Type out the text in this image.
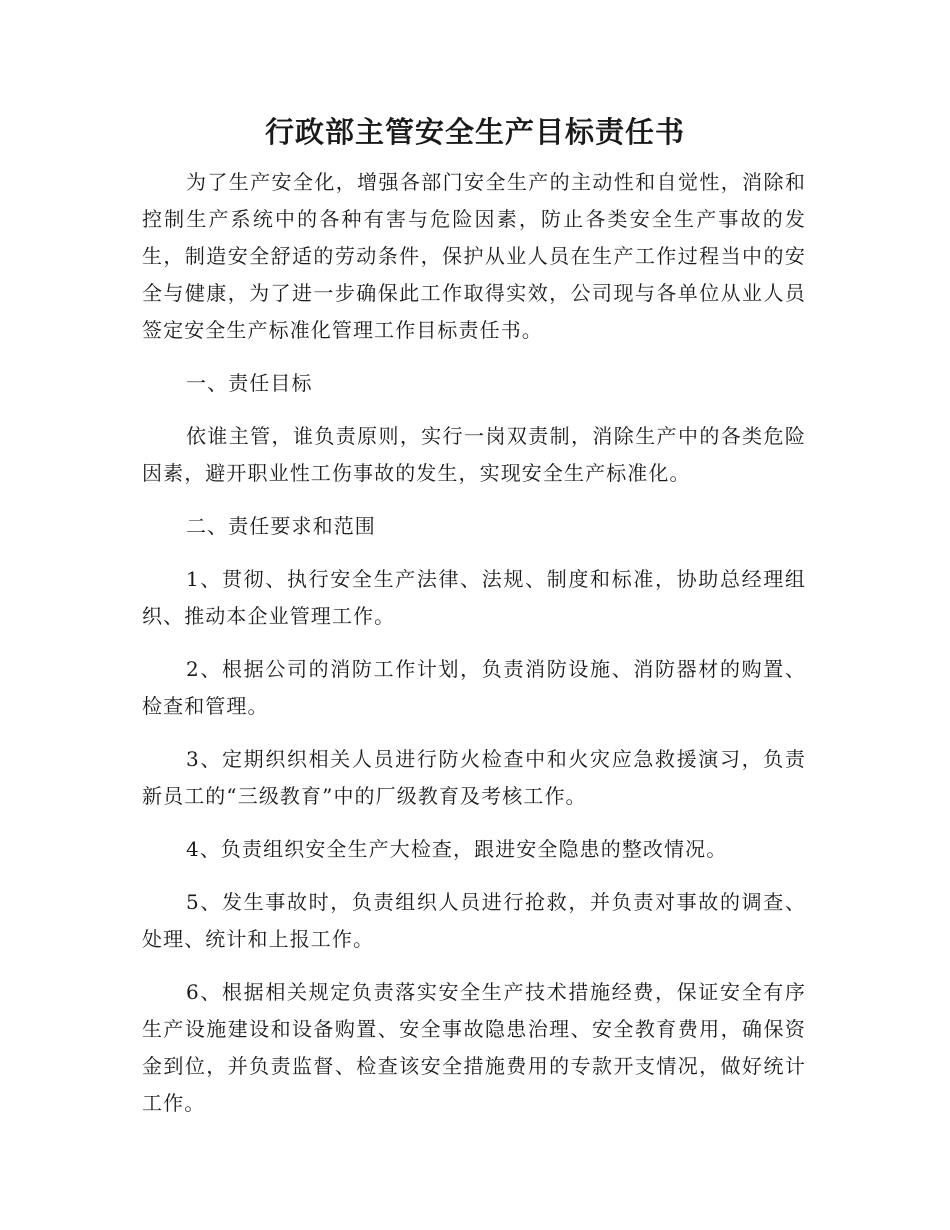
行政部主管安全生产目标责任书

为了生产安全化，增强各部门安全生产的主动性和自觉性，消除和控制生产系统中的各种有害与危险因素，防止各类安全生产事故的发生，制造安全舒适的劳动条件，保护从业人员在生产工作过程当中的安全与健康，为了进一步确保此工作取得实效，公司现与各单位从业人员签定安全生产标准化管理工作目标责任书。

一、责任目标

依谁主管，谁负责原则，实行一岗双责制，消除生产中的各类危险因素，避开职业性工伤事故的发生，实现安全生产标准化。

二、责任要求和范围

1、贯彻、执行安全生产法律、法规、制度和标准，协助总经理组织、推动本企业管理工作。

2、根据公司的消防工作计划，负责消防设施、消防器材的购置、检查和管理。

3、定期织织相关人员进行防火检查中和火灾应急救援演习，负责新员工的“三级教育”中的厂级教育及考核工作。

4、负责组织安全生产大检查，跟进安全隐患的整改情况。

5、发生事故时，负责组织人员进行抢救，并负责对事故的调查、处理、统计和上报工作。

6、根据相关规定负责落实安全生产技术措施经费，保证安全有序生产设施建设和设备购置、安全事故隐患治理、安全教育费用，确保资金到位，并负责监督、检查该安全措施费用的专款开支情况，做好统计工作。
